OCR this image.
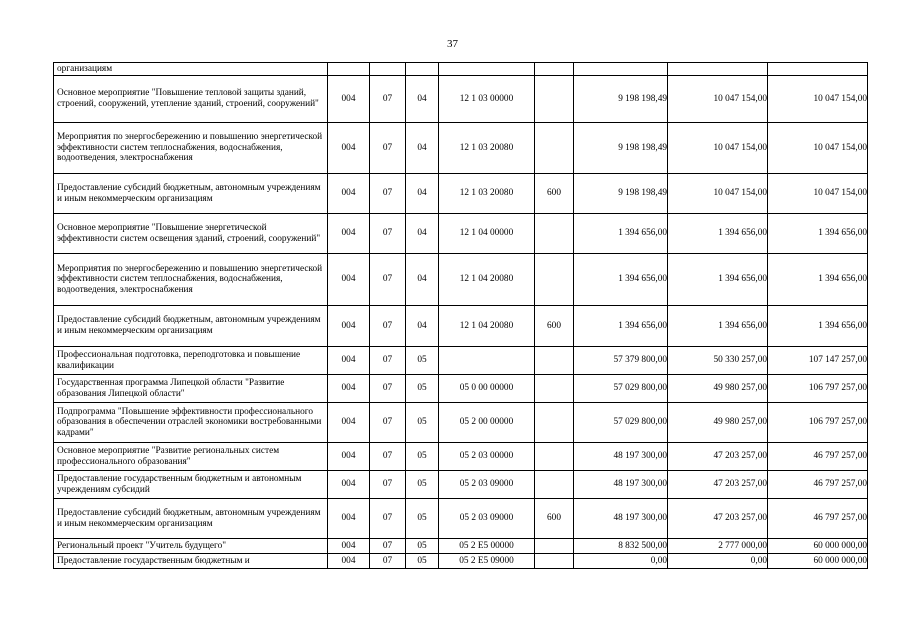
37
организациям								
Основное мероприятие "Повышение тепловой защиты зданий, строений, сооружений, утепление зданий, строений, сооружений"	004	07	04	12 1 03 00000		9 198 198,49	10 047 154,00	10 047 154,00
Мероприятия по энергосбережению и повышению энергетической эффективности систем теплоснабжения, водоснабжения, водоотведения, электроснабжения	004	07	04	12 1 03 20080		9 198 198,49	10 047 154,00	10 047 154,00
Предоставление субсидий бюджетным, автономным учреждениям и иным некоммерческим организациям	004	07	04	12 1 03 20080	600	9 198 198,49	10 047 154,00	10 047 154,00
Основное мероприятие "Повышение энергетической эффективности систем освещения зданий, строений, сооружений"	004	07	04	12 1 04 00000		1 394 656,00	1 394 656,00	1 394 656,00
Мероприятия по энергосбережению и повышению энергетической эффективности систем теплоснабжения, водоснабжения, водоотведения, электроснабжения	004	07	04	12 1 04 20080		1 394 656,00	1 394 656,00	1 394 656,00
Предоставление субсидий бюджетным, автономным учреждениям и иным некоммерческим организациям	004	07	04	12 1 04 20080	600	1 394 656,00	1 394 656,00	1 394 656,00
Профессиональная подготовка, переподготовка и повышение квалификации	004	07	05			57 379 800,00	50 330 257,00	107 147 257,00
Государственная программа Липецкой области "Развитие образования Липецкой области"	004	07	05	05 0 00 00000		57 029 800,00	49 980 257,00	106 797 257,00
Подпрограмма "Повышение эффективности профессионального образования в обеспечении отраслей экономики востребованными кадрами"	004	07	05	05 2 00 00000		57 029 800,00	49 980 257,00	106 797 257,00
Основное мероприятие "Развитие региональных систем профессионального образования"	004	07	05	05 2 03 00000		48 197 300,00	47 203 257,00	46 797 257,00
Предоставление государственным бюджетным и автономным учреждениям субсидий	004	07	05	05 2 03 09000		48 197 300,00	47 203 257,00	46 797 257,00
Предоставление субсидий бюджетным, автономным учреждениям и иным некоммерческим организациям	004	07	05	05 2 03 09000	600	48 197 300,00	47 203 257,00	46 797 257,00
Региональный проект "Учитель будущего"	004	07	05	05 2 E5 00000		8 832 500,00	2 777 000,00	60 000 000,00
Предоставление государственным бюджетным и	004	07	05	05 2 E5 09000		0,00	0,00	60 000 000,00
